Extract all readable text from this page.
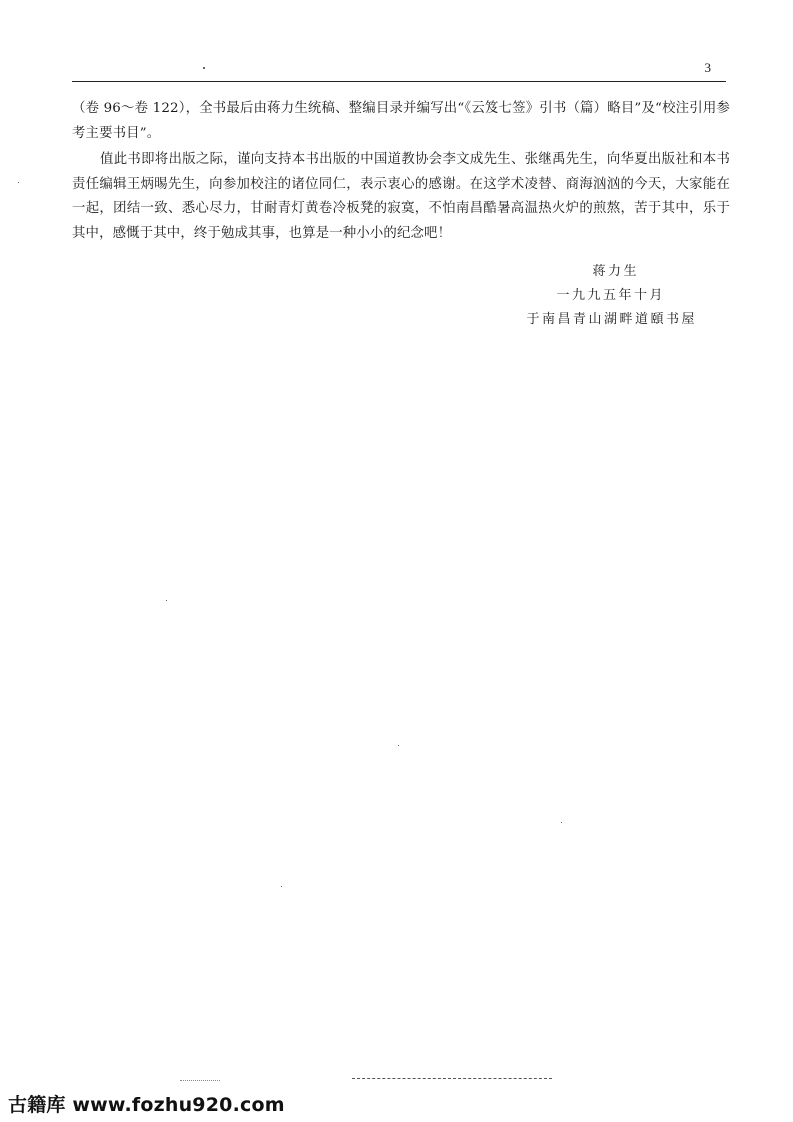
3

（卷 96～卷 122），全书最后由蒋力生统稿、整编目录并编写出“《云笈七签》引书（篇）略目”及“校注引用参考主要书目”。

值此书即将出版之际，谨向支持本书出版的中国道教协会李文成先生、张继禹先生，向华夏出版社和本书责任编辑王炳晹先生，向参加校注的诸位同仁，表示衷心的感谢。在这学术凌替、商海汹汹的今天，大家能在一起，团结一致、悉心尽力，甘耐青灯黄卷冷板凳的寂寞，不怕南昌酷暑高温热火炉的煎熬，苦于其中，乐于其中，感慨于其中，终于勉成其事，也算是一种小小的纪念吧！

蒋力生
一九九五年十月
于南昌青山湖畔道頤书屋
古籍库 www.fozhu920.com
